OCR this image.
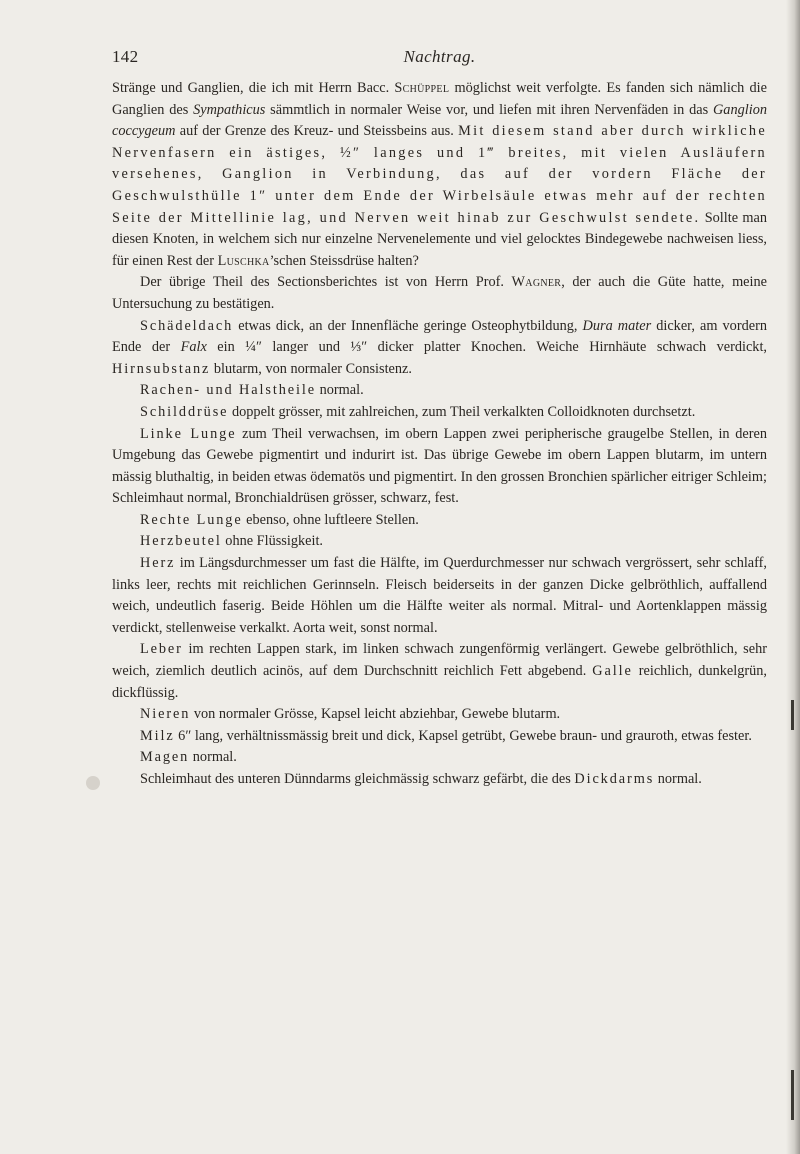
142	Nachtrag.

Stränge und Ganglien, die ich mit Herrn Bacc. Schüppel möglichst weit verfolgte. Es fanden sich nämlich die Ganglien des Sympathicus sämmtlich in normaler Weise vor, und liefen mit ihren Nervenfäden in das Ganglion coccygeum auf der Grenze des Kreuz- und Steissbeins aus. Mit diesem stand aber durch wirkliche Nervenfasern ein ästiges, ½″ langes und 1‴ breites, mit vielen Ausläufern versehenes, Ganglion in Verbindung, das auf der vordern Fläche der Geschwulsthülle 1″ unter dem Ende der Wirbelsäule etwas mehr auf der rechten Seite der Mittellinie lag, und Nerven weit hinab zur Geschwulst sendete. Sollte man diesen Knoten, in welchem sich nur einzelne Nervenelemente und viel gelocktes Bindegewebe nachweisen liess, für einen Rest der Luschka’schen Steissdrüse halten?

Der übrige Theil des Sectionsberichtes ist von Herrn Prof. Wagner, der auch die Güte hatte, meine Untersuchung zu bestätigen.

Schädeldach etwas dick, an der Innenfläche geringe Osteophytbildung, Dura mater dicker, am vordern Ende der Falx ein ¼″ langer und ⅓″ dicker platter Knochen. Weiche Hirnhäute schwach verdickt, Hirnsubstanz blutarm, von normaler Consistenz.

Rachen- und Halstheile normal.

Schilddrüse doppelt grösser, mit zahlreichen, zum Theil verkalkten Colloidknoten durchsetzt.

Linke Lunge zum Theil verwachsen, im obern Lappen zwei peripherische graugelbe Stellen, in deren Umgebung das Gewebe pigmentirt und indurirt ist. Das übrige Gewebe im obern Lappen blutarm, im untern mässig bluthaltig, in beiden etwas ödematös und pigmentirt. In den grossen Bronchien spärlicher eitriger Schleim; Schleimhaut normal, Bronchialdrüsen grösser, schwarz, fest.

Rechte Lunge ebenso, ohne luftleere Stellen.

Herzbeutel ohne Flüssigkeit.

Herz im Längsdurchmesser um fast die Hälfte, im Querdurchmesser nur schwach vergrössert, sehr schlaff, links leer, rechts mit reichlichen Gerinnseln. Fleisch beiderseits in der ganzen Dicke gelbröthlich, auffallend weich, undeutlich faserig. Beide Höhlen um die Hälfte weiter als normal. Mitral- und Aortenklappen mässig verdickt, stellenweise verkalkt. Aorta weit, sonst normal.

Leber im rechten Lappen stark, im linken schwach zungenförmig verlängert. Gewebe gelbröthlich, sehr weich, ziemlich deutlich acinös, auf dem Durchschnitt reichlich Fett abgebend. Galle reichlich, dunkelgrün, dickflüssig.

Nieren von normaler Grösse, Kapsel leicht abziehbar, Gewebe blutarm.

Milz 6″ lang, verhältnissmässig breit und dick, Kapsel getrübt, Gewebe braun- und grauroth, etwas fester.

Magen normal.

Schleimhaut des unteren Dünndarms gleichmässig schwarz gefärbt, die des Dickdarms normal.
